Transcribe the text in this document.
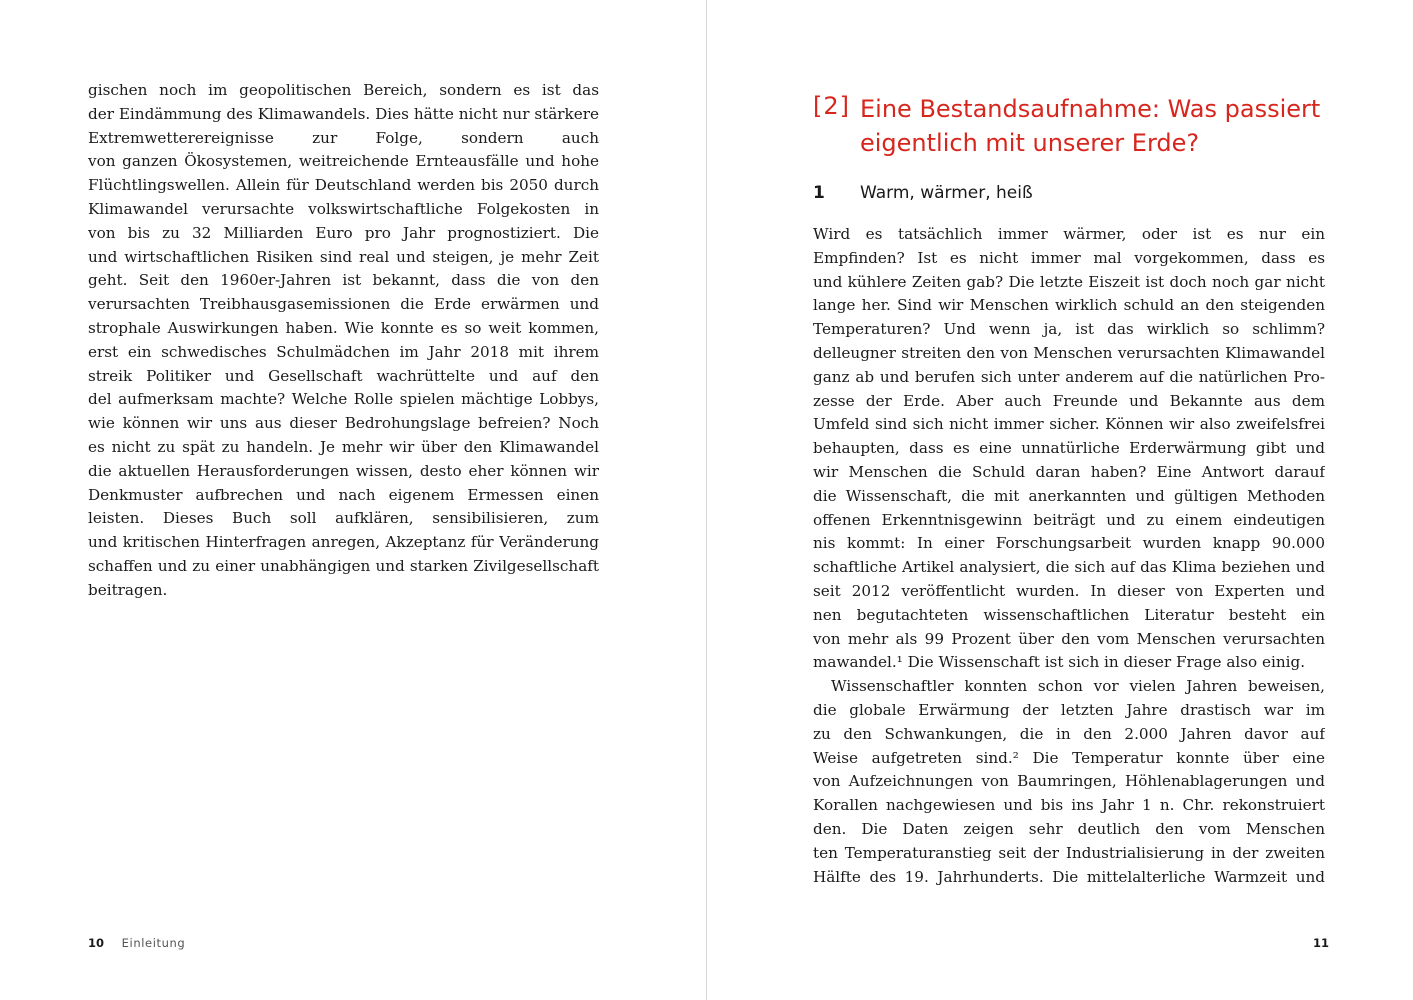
gischen noch im geopolitischen Bereich, sondern es ist das
der Eindämmung des Klimawandels. Dies hätte nicht nur stärkere
Extremwetterereignisse zur Folge, sondern auch
von ganzen Ökosystemen, weitreichende Ernteausfälle und hohe
Flüchtlingswellen. Allein für Deutschland werden bis 2050 durch
Klimawandel verursachte volkswirtschaftliche Folgekosten in
von bis zu 32 Milliarden Euro pro Jahr prognostiziert. Die
und wirtschaftlichen Risiken sind real und steigen, je mehr Zeit
geht. Seit den 1960er-Jahren ist bekannt, dass die von den
verursachten Treibhausgasemissionen die Erde erwärmen und
strophale Auswirkungen haben. Wie konnte es so weit kommen,
erst ein schwedisches Schulmädchen im Jahr 2018 mit ihrem
streik Politiker und Gesellschaft wachrüttelte und auf den
del aufmerksam machte? Welche Rolle spielen mächtige Lobbys,
wie können wir uns aus dieser Bedrohungslage befreien? Noch
es nicht zu spät zu handeln. Je mehr wir über den Klimawandel
die aktuellen Herausforderungen wissen, desto eher können wir
Denkmuster aufbrechen und nach eigenem Ermessen einen
leisten. Dieses Buch soll aufklären, sensibilisieren, zum
und kritischen Hinterfragen anregen, Akzeptanz für Veränderung
schaffen und zu einer unabhängigen und starken Zivilgesellschaft
beitragen.
10 Einleitung
[2] Eine Bestandsaufnahme: Was passiert
eigentlich mit unserer Erde?
1 Warm, wärmer, heiß
Wird es tatsächlich immer wärmer, oder ist es nur ein
Empfinden? Ist es nicht immer mal vorgekommen, dass es
und kühlere Zeiten gab? Die letzte Eiszeit ist doch noch gar nicht
lange her. Sind wir Menschen wirklich schuld an den steigenden
Temperaturen? Und wenn ja, ist das wirklich so schlimm?
delleugner streiten den von Menschen verursachten Klimawandel
ganz ab und berufen sich unter anderem auf die natürlichen Pro-
zesse der Erde. Aber auch Freunde und Bekannte aus dem
Umfeld sind sich nicht immer sicher. Können wir also zweifelsfrei
behaupten, dass es eine unnatürliche Erderwärmung gibt und
wir Menschen die Schuld daran haben? Eine Antwort darauf
die Wissenschaft, die mit anerkannten und gültigen Methoden
offenen Erkenntnisgewinn beiträgt und zu einem eindeutigen
nis kommt: In einer Forschungsarbeit wurden knapp 90.000
schaftliche Artikel analysiert, die sich auf das Klima beziehen und
seit 2012 veröffentlicht wurden. In dieser von Experten und
nen begutachteten wissenschaftlichen Literatur besteht ein
von mehr als 99 Prozent über den vom Menschen verursachten
mawandel.¹ Die Wissenschaft ist sich in dieser Frage also einig.
Wissenschaftler konnten schon vor vielen Jahren beweisen,
die globale Erwärmung der letzten Jahre drastisch war im
zu den Schwankungen, die in den 2.000 Jahren davor auf
Weise aufgetreten sind.² Die Temperatur konnte über eine
von Aufzeichnungen von Baumringen, Höhlenablagerungen und
Korallen nachgewiesen und bis ins Jahr 1 n. Chr. rekonstruiert
den. Die Daten zeigen sehr deutlich den vom Menschen
ten Temperaturanstieg seit der Industrialisierung in der zweiten
Hälfte des 19. Jahrhunderts. Die mittelalterliche Warmzeit und
11
